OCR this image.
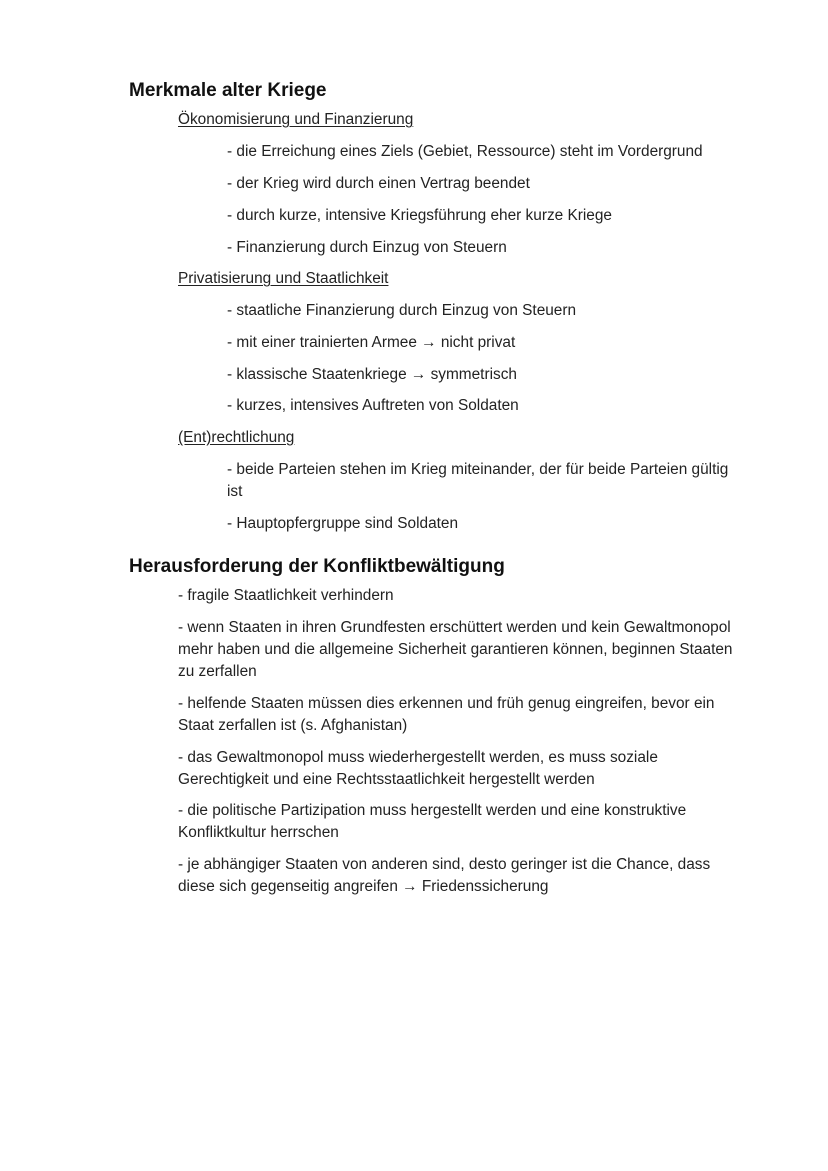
Merkmale alter Kriege

Ökonomisierung und Finanzierung

- die Erreichung eines Ziels (Gebiet, Ressource) steht im Vordergrund

- der Krieg wird durch einen Vertrag beendet

- durch kurze, intensive Kriegsführung eher kurze Kriege

- Finanzierung durch Einzug von Steuern

Privatisierung und Staatlichkeit

- staatliche Finanzierung durch Einzug von Steuern

- mit einer trainierten Armee → nicht privat

- klassische Staatenkriege → symmetrisch

- kurzes, intensives Auftreten von Soldaten

(Ent)rechtlichung

- beide Parteien stehen im Krieg miteinander, der für beide Parteien gültig ist

- Hauptopfergruppe sind Soldaten

Herausforderung der Konfliktbewältigung

- fragile Staatlichkeit verhindern

- wenn Staaten in ihren Grundfesten erschüttert werden und kein Gewaltmonopol mehr haben und die allgemeine Sicherheit garantieren können, beginnen Staaten zu zerfallen

- helfende Staaten müssen dies erkennen und früh genug eingreifen, bevor ein Staat zerfallen ist (s. Afghanistan)

- das Gewaltmonopol muss wiederhergestellt werden, es muss soziale Gerechtigkeit und eine Rechtsstaatlichkeit hergestellt werden

- die politische Partizipation muss hergestellt werden und eine konstruktive Konfliktkultur herrschen

- je abhängiger Staaten von anderen sind, desto geringer ist die Chance, dass diese sich gegenseitig angreifen → Friedenssicherung
